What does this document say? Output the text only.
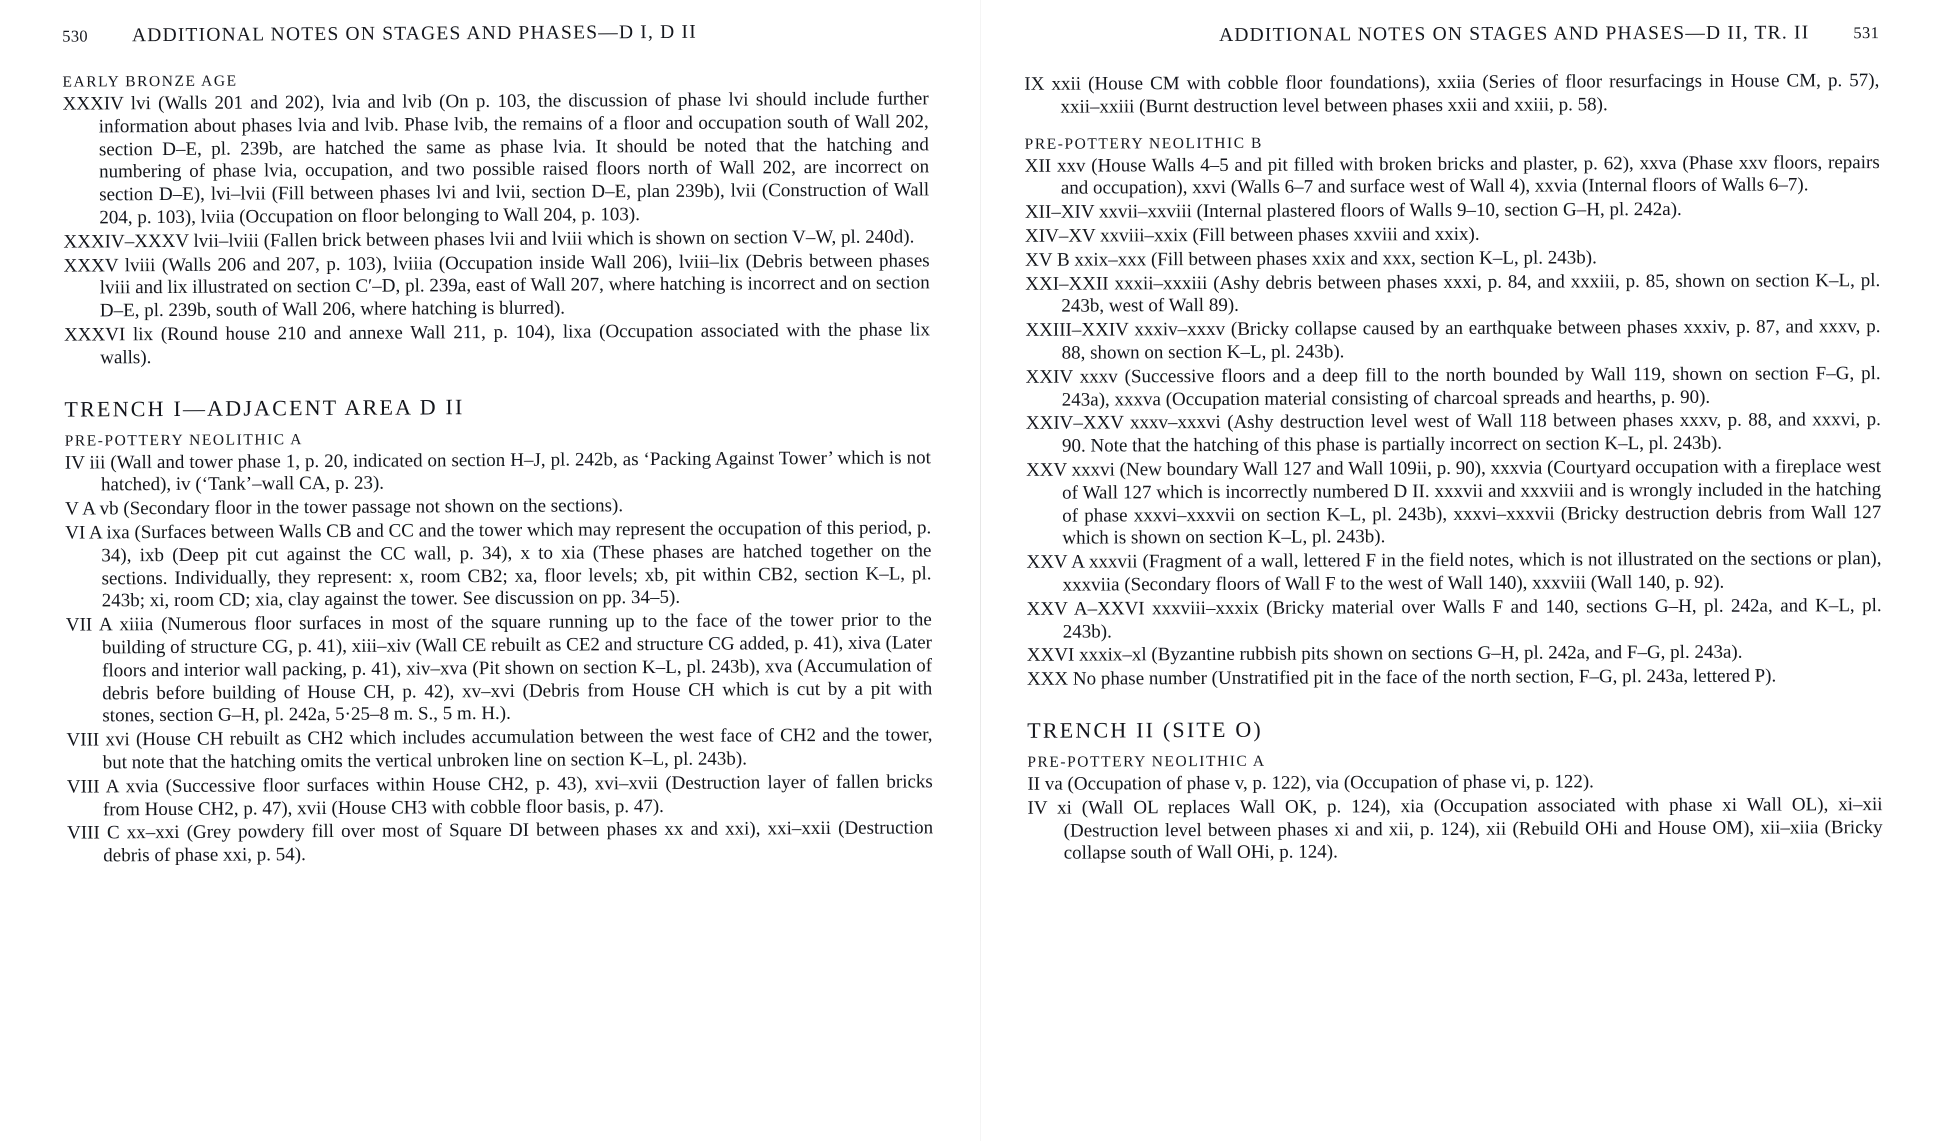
530 ADDITIONAL NOTES ON STAGES AND PHASES—D I, D II
EARLY BRONZE AGE

XXXIV lvi (Walls 201 and 202), lvia and lvib (On p. 103, the discussion of phase lvi should include further information about phases lvia and lvib. Phase lvib, the remains of a floor and occupation south of Wall 202, section D–E, pl. 239b, are hatched the same as phase lvia. It should be noted that the hatching and numbering of phase lvia, occupation, and two possible raised floors north of Wall 202, are incorrect on section D–E), lvi–lvii (Fill between phases lvi and lvii, section D–E, plan 239b), lvii (Construction of Wall 204, p. 103), lviia (Occupation on floor belonging to Wall 204, p. 103).

XXXIV–XXXV lvii–lviii (Fallen brick between phases lvii and lviii which is shown on section V–W, pl. 240d).

XXXV lviii (Walls 206 and 207, p. 103), lviiia (Occupation inside Wall 206), lviii–lix (Debris between phases lviii and lix illustrated on section C′–D, pl. 239a, east of Wall 207, where hatching is incorrect and on section D–E, pl. 239b, south of Wall 206, where hatching is blurred).

XXXVI lix (Round house 210 and annexe Wall 211, p. 104), lixa (Occupation associated with the phase lix walls).

TRENCH I—ADJACENT AREA D II
PRE-POTTERY NEOLITHIC A

IV iii (Wall and tower phase 1, p. 20, indicated on section H–J, pl. 242b, as ‘Packing Against Tower’ which is not hatched), iv (‘Tank’–wall CA, p. 23).

V A vb (Secondary floor in the tower passage not shown on the sections).

VI A ixa (Surfaces between Walls CB and CC and the tower which may represent the occupation of this period, p. 34), ixb (Deep pit cut against the CC wall, p. 34), x to xia (These phases are hatched together on the sections. Individually, they represent: x, room CB2; xa, floor levels; xb, pit within CB2, section K–L, pl. 243b; xi, room CD; xia, clay against the tower. See discussion on pp. 34–5).

VII A xiiia (Numerous floor surfaces in most of the square running up to the face of the tower prior to the building of structure CG, p. 41), xiii–xiv (Wall CE rebuilt as CE2 and structure CG added, p. 41), xiva (Later floors and interior wall packing, p. 41), xiv–xva (Pit shown on section K–L, pl. 243b), xva (Accumulation of debris before building of House CH, p. 42), xv–xvi (Debris from House CH which is cut by a pit with stones, section G–H, pl. 242a, 5·25–8 m. S., 5 m. H.).

VIII xvi (House CH rebuilt as CH2 which includes accumulation between the west face of CH2 and the tower, but note that the hatching omits the vertical unbroken line on section K–L, pl. 243b).

VIII A xvia (Successive floor surfaces within House CH2, p. 43), xvi–xvii (Destruction layer of fallen bricks from House CH2, p. 47), xvii (House CH3 with cobble floor basis, p. 47).

VIII C xx–xxi (Grey powdery fill over most of Square DI between phases xx and xxi), xxi–xxii (Destruction debris of phase xxi, p. 54).

ADDITIONAL NOTES ON STAGES AND PHASES—D II, TR. II	531

IX xxii (House CM with cobble floor foundations), xxiia (Series of floor resurfacings in House CM, p. 57), xxii–xxiii (Burnt destruction level between phases xxii and xxiii, p. 58).

PRE-POTTERY NEOLITHIC B

XII xxv (House Walls 4–5 and pit filled with broken bricks and plaster, p. 62), xxva (Phase xxv floors, repairs and occupation), xxvi (Walls 6–7 and surface west of Wall 4), xxvia (Internal floors of Walls 6–7).

XII–XIV xxvii–xxviii (Internal plastered floors of Walls 9–10, section G–H, pl. 242a).

XIV–XV xxviii–xxix (Fill between phases xxviii and xxix).

XV B xxix–xxx (Fill between phases xxix and xxx, section K–L, pl. 243b).

XXI–XXII xxxii–xxxiii (Ashy debris between phases xxxi, p. 84, and xxxiii, p. 85, shown on section K–L, pl. 243b, west of Wall 89).

XXIII–XXIV xxxiv–xxxv (Bricky collapse caused by an earthquake between phases xxxiv, p. 87, and xxxv, p. 88, shown on section K–L, pl. 243b).

XXIV xxxv (Successive floors and a deep fill to the north bounded by Wall 119, shown on section F–G, pl. 243a), xxxva (Occupation material consisting of charcoal spreads and hearths, p. 90).

XXIV–XXV xxxv–xxxvi (Ashy destruction level west of Wall 118 between phases xxxv, p. 88, and xxxvi, p. 90. Note that the hatching of this phase is partially incorrect on section K–L, pl. 243b).

XXV xxxvi (New boundary Wall 127 and Wall 109ii, p. 90), xxxvia (Courtyard occupation with a fireplace west of Wall 127 which is incorrectly numbered D II. xxxvii and xxxviii and is wrongly included in the hatching of phase xxxvi–xxxvii on section K–L, pl. 243b), xxxvi–xxxvii (Bricky destruction debris from Wall 127 which is shown on section K–L, pl. 243b).

XXV A xxxvii (Fragment of a wall, lettered F in the field notes, which is not illustrated on the sections or plan), xxxviia (Secondary floors of Wall F to the west of Wall 140), xxxviii (Wall 140, p. 92).

XXV A–XXVI xxxviii–xxxix (Bricky material over Walls F and 140, sections G–H, pl. 242a, and K–L, pl. 243b).

XXVI xxxix–xl (Byzantine rubbish pits shown on sections G–H, pl. 242a, and F–G, pl. 243a).

XXX No phase number (Unstratified pit in the face of the north section, F–G, pl. 243a, lettered P).

TRENCH II (SITE O)
PRE-POTTERY NEOLITHIC A

II va (Occupation of phase v, p. 122), via (Occupation of phase vi, p. 122).

IV xi (Wall OL replaces Wall OK, p. 124), xia (Occupation associated with phase xi Wall OL), xi–xii (Destruction level between phases xi and xii, p. 124), xii (Rebuild OHi and House OM), xii–xiia (Bricky collapse south of Wall OHi, p. 124).
